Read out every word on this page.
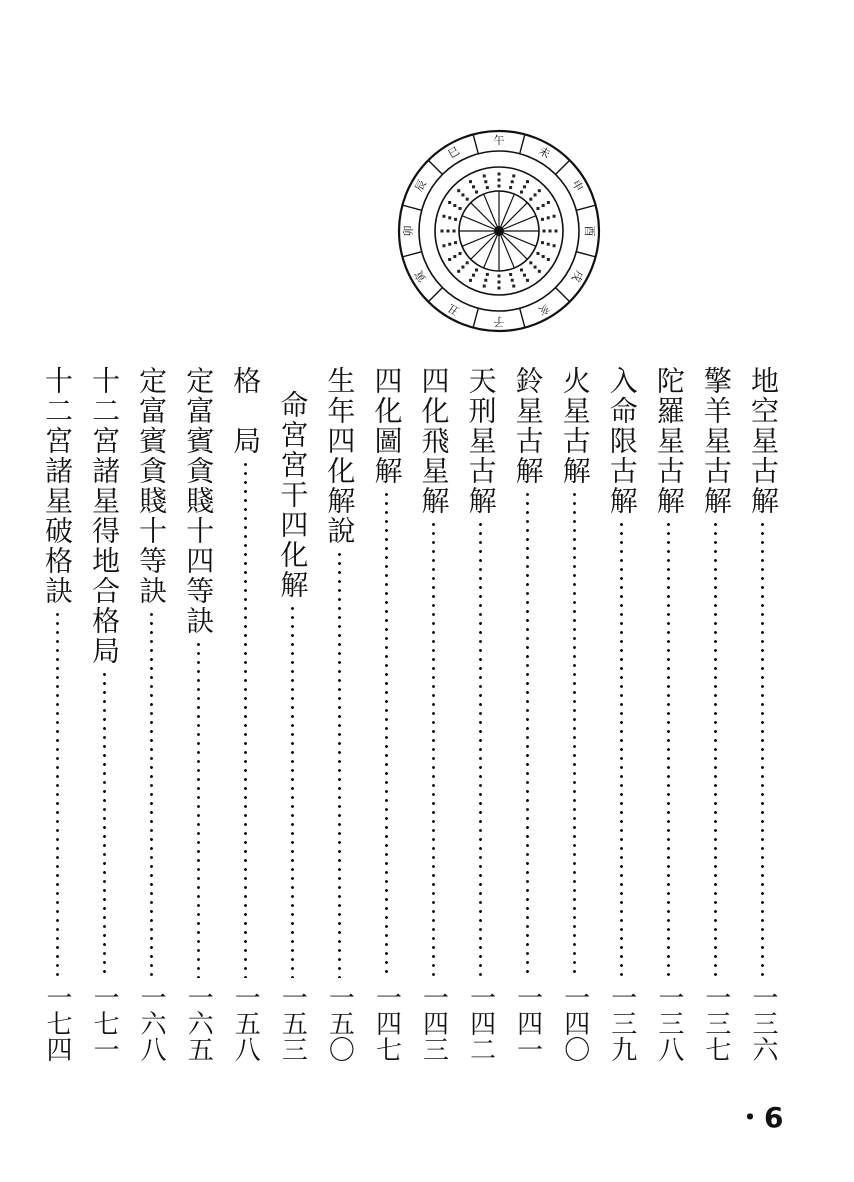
午
未
申
酉
戌
亥
子
丑
寅
卯
辰
巳
地空星古解
一三六
擎羊星古解
一三七
陀羅星古解
一三八
入命限古解
一三九
火星古解
一四〇
鈴星古解
一四一
天刑星古解
一四二
四化飛星解
一四三
四化圖解
一四七
生年四化解說
一五〇
命宮宮干四化解
一五三
格　局
一五八
定富賓貪賤十四等訣
一六五
定富賓貪賤十等訣
一六八
十二宮諸星得地合格局
一七一
十二宮諸星破格訣
一七四
・6
